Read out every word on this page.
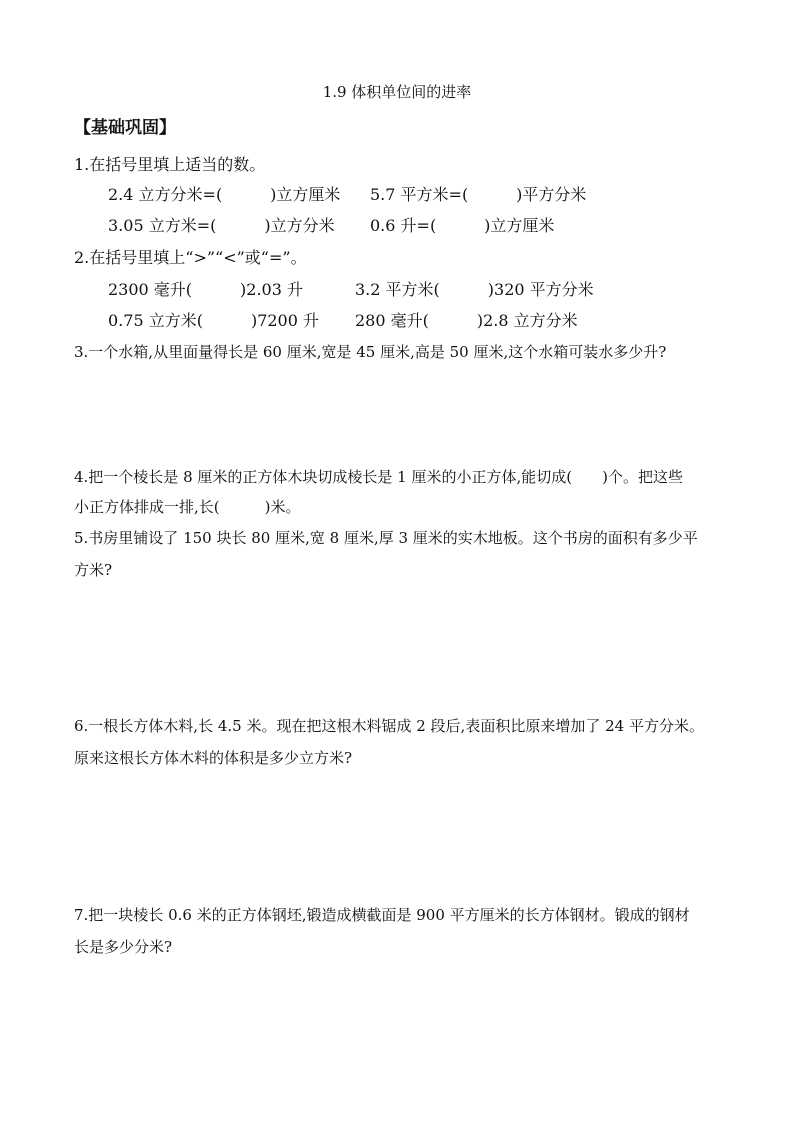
1.9 体积单位间的进率
【基础巩固】
1.在括号里填上适当的数。
2.4 立方分米=(　　　)立方厘米 5.7 平方米=(　　　)平方分米
3.05 立方米=(　　　)立方分米 0.6 升=(　　　)立方厘米
2.在括号里填上“>”“<”或“=”。
2300 毫升(　　　)2.03 升	3.2 平方米(　　　)320 平方分米
0.75 立方米(　　　)7200 升 280 毫升(　　　)2.8 立方分米
3.一个水箱,从里面量得长是 60 厘米,宽是 45 厘米,高是 50 厘米,这个水箱可装水多少升?
4.把一个棱长是 8 厘米的正方体木块切成棱长是 1 厘米的小正方体,能切成(　　)个。把这些
小正方体排成一排,长(　　　)米。
5.书房里铺设了 150 块长 80 厘米,宽 8 厘米,厚 3 厘米的实木地板。这个书房的面积有多少平
方米?
6.一根长方体木料,长 4.5 米。现在把这根木料锯成 2 段后,表面积比原来增加了 24 平方分米。
原来这根长方体木料的体积是多少立方米?
7.把一块棱长 0.6 米的正方体钢坯,锻造成横截面是 900 平方厘米的长方体钢材。锻成的钢材
长是多少分米?
